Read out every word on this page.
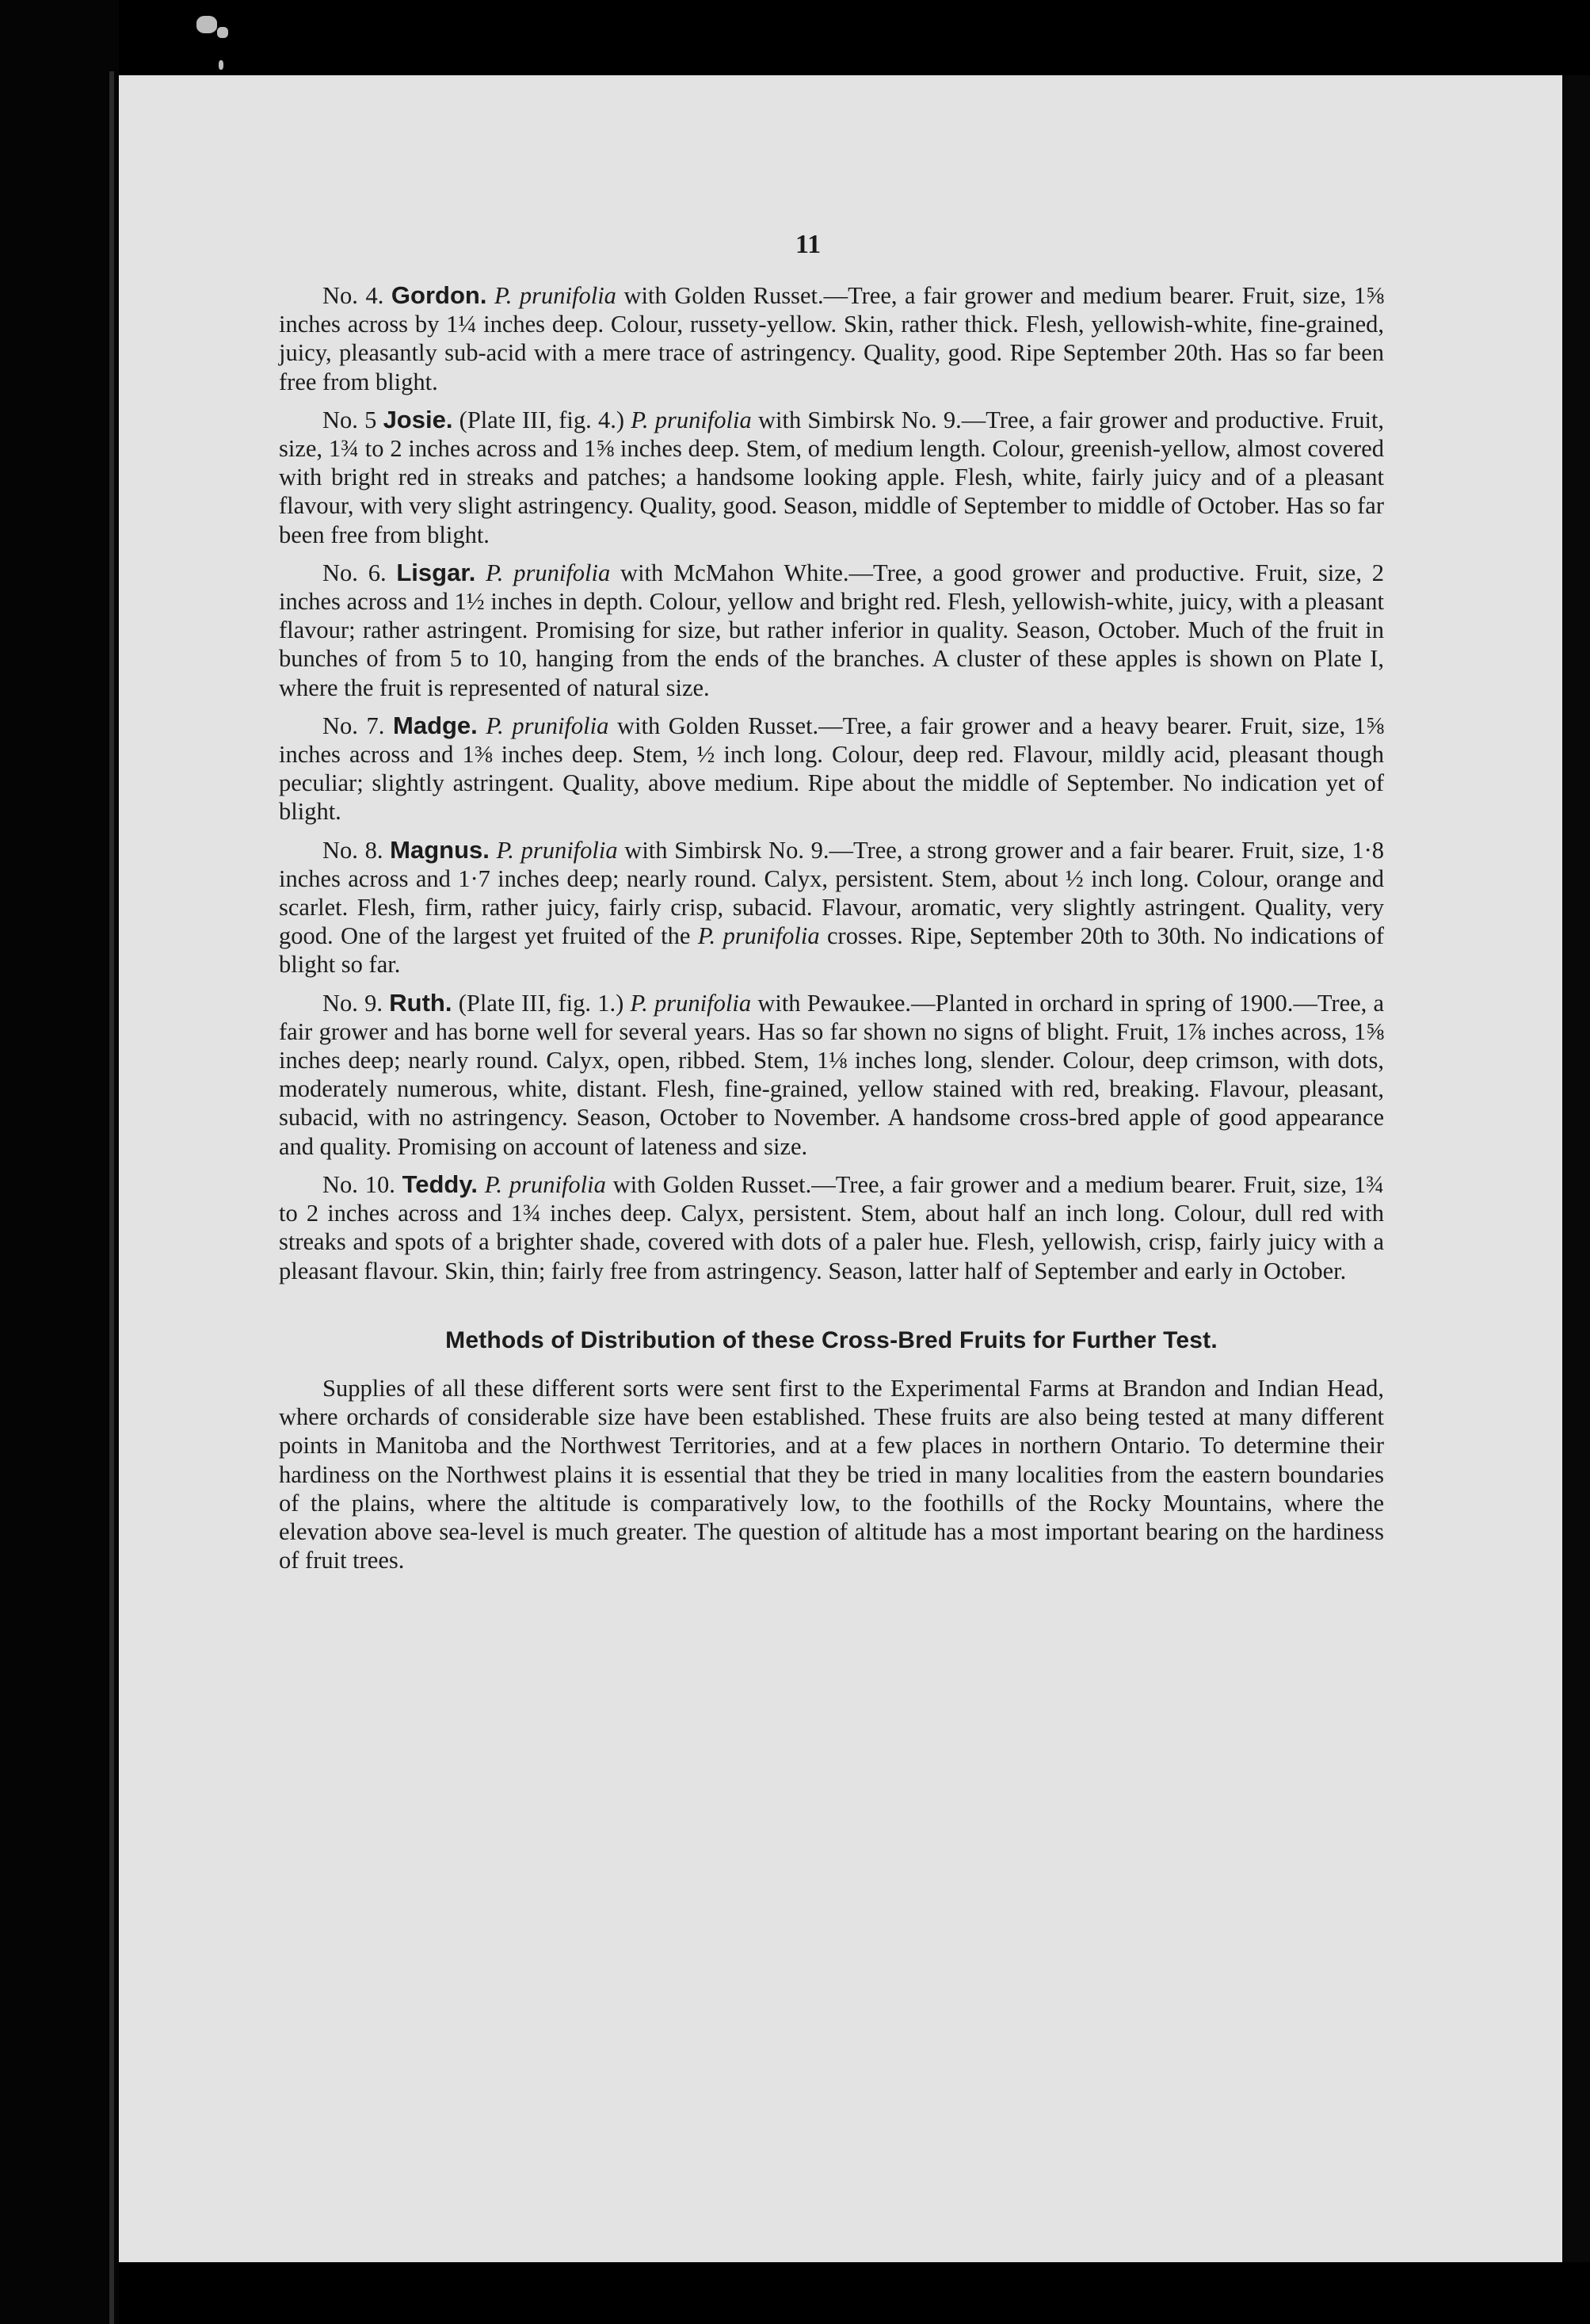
11

No. 4. Gordon. P. prunifolia with Golden Russet.—Tree, a fair grower and medium bearer. Fruit, size, 1⅝ inches across by 1¼ inches deep. Colour, russety-yellow. Skin, rather thick. Flesh, yellowish-white, fine-grained, juicy, pleasantly sub-acid with a mere trace of astringency. Quality, good. Ripe September 20th. Has so far been free from blight.

No. 5 Josie. (Plate III, fig. 4.) P. prunifolia with Simbirsk No. 9.—Tree, a fair grower and productive. Fruit, size, 1¾ to 2 inches across and 1⅝ inches deep. Stem, of medium length. Colour, greenish-yellow, almost covered with bright red in streaks and patches; a handsome looking apple. Flesh, white, fairly juicy and of a pleasant flavour, with very slight astringency. Quality, good. Season, middle of September to middle of October. Has so far been free from blight.

No. 6. Lisgar. P. prunifolia with McMahon White.—Tree, a good grower and productive. Fruit, size, 2 inches across and 1½ inches in depth. Colour, yellow and bright red. Flesh, yellowish-white, juicy, with a pleasant flavour; rather astringent. Promising for size, but rather inferior in quality. Season, October. Much of the fruit in bunches of from 5 to 10, hanging from the ends of the branches. A cluster of these apples is shown on Plate I, where the fruit is represented of natural size.

No. 7. Madge. P. prunifolia with Golden Russet.—Tree, a fair grower and a heavy bearer. Fruit, size, 1⅝ inches across and 1⅜ inches deep. Stem, ½ inch long. Colour, deep red. Flavour, mildly acid, pleasant though peculiar; slightly astringent. Quality, above medium. Ripe about the middle of September. No indication yet of blight.

No. 8. Magnus. P. prunifolia with Simbirsk No. 9.—Tree, a strong grower and a fair bearer. Fruit, size, 1·8 inches across and 1·7 inches deep; nearly round. Calyx, persistent. Stem, about ½ inch long. Colour, orange and scarlet. Flesh, firm, rather juicy, fairly crisp, subacid. Flavour, aromatic, very slightly astringent. Quality, very good. One of the largest yet fruited of the P. prunifolia crosses. Ripe, September 20th to 30th. No indications of blight so far.

No. 9. Ruth. (Plate III, fig. 1.) P. prunifolia with Pewaukee.—Planted in orchard in spring of 1900.—Tree, a fair grower and has borne well for several years. Has so far shown no signs of blight. Fruit, 1⅞ inches across, 1⅝ inches deep; nearly round. Calyx, open, ribbed. Stem, 1⅛ inches long, slender. Colour, deep crimson, with dots, moderately numerous, white, distant. Flesh, fine-grained, yellow stained with red, breaking. Flavour, pleasant, subacid, with no astringency. Season, October to November. A handsome cross-bred apple of good appearance and quality. Promising on account of lateness and size.

No. 10. Teddy. P. prunifolia with Golden Russet.—Tree, a fair grower and a medium bearer. Fruit, size, 1¾ to 2 inches across and 1¾ inches deep. Calyx, persistent. Stem, about half an inch long. Colour, dull red with streaks and spots of a brighter shade, covered with dots of a paler hue. Flesh, yellowish, crisp, fairly juicy with a pleasant flavour. Skin, thin; fairly free from astringency. Season, latter half of September and early in October.

Methods of Distribution of these Cross-Bred Fruits for Further Test.

Supplies of all these different sorts were sent first to the Experimental Farms at Brandon and Indian Head, where orchards of considerable size have been established. These fruits are also being tested at many different points in Manitoba and the Northwest Territories, and at a few places in northern Ontario. To determine their hardiness on the Northwest plains it is essential that they be tried in many localities from the eastern boundaries of the plains, where the altitude is comparatively low, to the foothills of the Rocky Mountains, where the elevation above sea-level is much greater. The question of altitude has a most important bearing on the hardiness of fruit trees.
